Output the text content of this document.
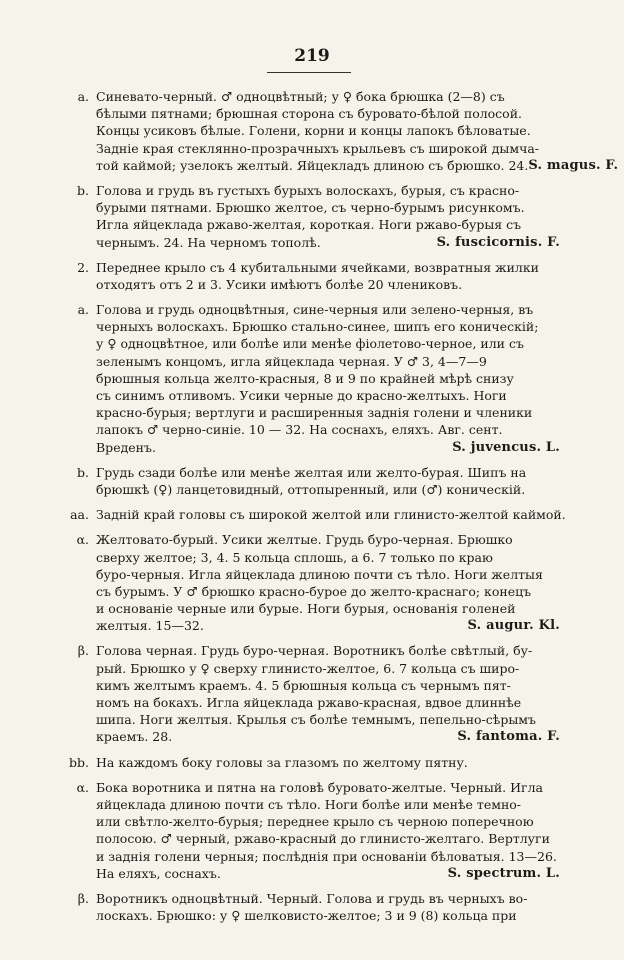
219
a. Синевато-черный. ♂ одноцвѣтный; у ♀ бока брюшка (2—8) съ
бѣлыми пятнами; брюшная сторона съ буровато-бѣлой полосой.
Концы усиковъ бѣлые. Голени, корни и концы лапокъ бѣловатые.
Заднiе края стеклянно-прозрачныхъ крыльевъ съ широкой дымча-
той каймой; узелокъ желтый. Яйцекладъ длиною съ брюшко. 24. S. magus. F.
b. Голова и грудь въ густыхъ бурыхъ волоскахъ, бурыя, съ красно-
бурыми пятнами. Брюшко желтое, съ черно-бурымъ рисункомъ.
Игла яйцеклада ржаво-желтая, короткая. Ноги ржаво-бурыя съ
чернымъ. 24. На черномъ тополѣ.	S. fuscicornis. F.
2. Переднее крыло съ 4 кубитальными ячейками, возвратныя жилки
отходятъ отъ 2 и 3. Усики имѣютъ болѣе 20 члениковъ.
a. Голова и грудь одноцвѣтныя, сине-черныя или зелено-черныя, въ
черныхъ волоскахъ. Брюшко стально-синее, шипъ его коническiй;
у ♀ одноцвѣтное, или болѣе или менѣе фiолетово-черное, или съ
зеленымъ концомъ, игла яйцеклада черная. У ♂ 3, 4—7—9
брюшныя кольца желто-красныя, 8 и 9 по крайней мѣрѣ снизу
съ синимъ отливомъ. Усики черные до красно-желтыхъ. Ноги
красно-бурыя; вертлуги и расширенныя заднiя голени и членики
лапокъ ♂ черно-синiе. 10 — 32. На соснахъ, еляхъ. Авг. сент.
Вреденъ.	S. juvencus. L.
b. Грудь сзади болѣе или менѣе желтая или желто-бурая. Шипъ на
брюшкѣ (♀) ланцетовидный, оттопыренный, или (♂) коническiй.
aa. Заднiй край головы съ широкой желтой или глинисто-желтой каймой.
α. Желтовато-бурый. Усики желтые. Грудь буро-черная. Брюшко
сверху желтое; 3, 4. 5 кольца сплошь, а 6. 7 только по краю
буро-черныя. Игла яйцеклада длиною почти съ тѣло. Ноги желтыя
съ бурымъ. У ♂ брюшко красно-бурое до желто-краснаго; конецъ
и основанiе черные или бурые. Ноги бурыя, основанiя голеней
желтыя. 15—32.	S. augur. Kl.
β. Голова черная. Грудь буро-черная. Воротникъ болѣе свѣтлый, бу-
рый. Брюшко у ♀ сверху глинисто-желтое, 6. 7 кольца съ широ-
кимъ желтымъ краемъ. 4. 5 брюшныя кольца съ чернымъ пят-
номъ на бокахъ. Игла яйцеклада ржаво-красная, вдвое длиннѣе
шипа. Ноги желтыя. Крылья съ болѣе темнымъ, пепельно-сѣрымъ
краемъ. 28.	S. fantoma. F.
bb. На каждомъ боку головы за глазомъ по желтому пятну.
α. Бока воротника и пятна на головѣ буровато-желтые. Черный. Игла
яйцеклада длиною почти съ тѣло. Ноги болѣе или менѣе темно-
или свѣтло-желто-бурыя; переднее крыло съ черною поперечною
полосою. ♂ черный, ржаво-красный до глинисто-желтаго. Вертлуги
и заднiя голени черныя; послѣднiя при основанiи бѣловатыя. 13—26.
На еляхъ, соснахъ.	S. spectrum. L.
β. Воротникъ одноцвѣтный. Черный. Голова и грудь въ черныхъ во-
лоскахъ. Брюшко: у ♀ шелковисто-желтое; 3 и 9 (8) кольца при
